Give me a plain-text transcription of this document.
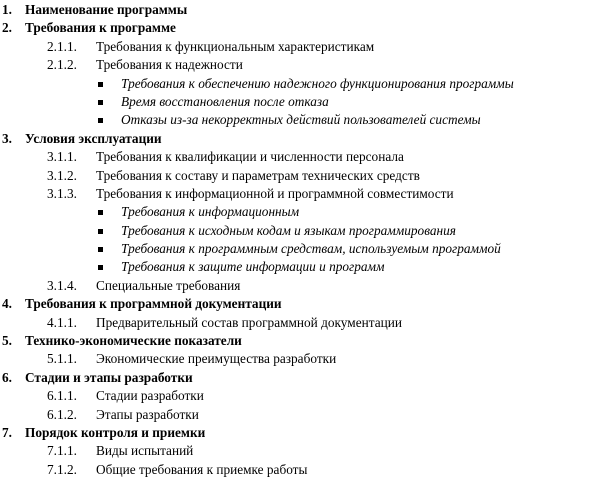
1. Наименование программы
2. Требования к программе
2.1.1. Требования к функциональным характеристикам
2.1.2. Требования к надежности
Требования к обеспечению надежного функционирования программы
Время восстановления после отказа
Отказы из-за некорректных действий пользователей системы
3. Условия эксплуатации
3.1.1. Требования к квалификации и численности персонала
3.1.2. Требования к составу и параметрам технических средств
3.1.3. Требования к информационной и программной совместимости
Требования к информационным
Требования к исходным кодам и языкам программирования
Требования к программным средствам, используемым программой
Требования к защите информации и программ
3.1.4. Специальные требования
4. Требования к программной документации
4.1.1. Предварительный состав программной документации
5. Технико-экономические показатели
5.1.1. Экономические преимущества разработки
6. Стадии и этапы разработки
6.1.1. Стадии разработки
6.1.2. Этапы разработки
7. Порядок контроля и приемки
7.1.1. Виды испытаний
7.1.2. Общие требования к приемке работы
